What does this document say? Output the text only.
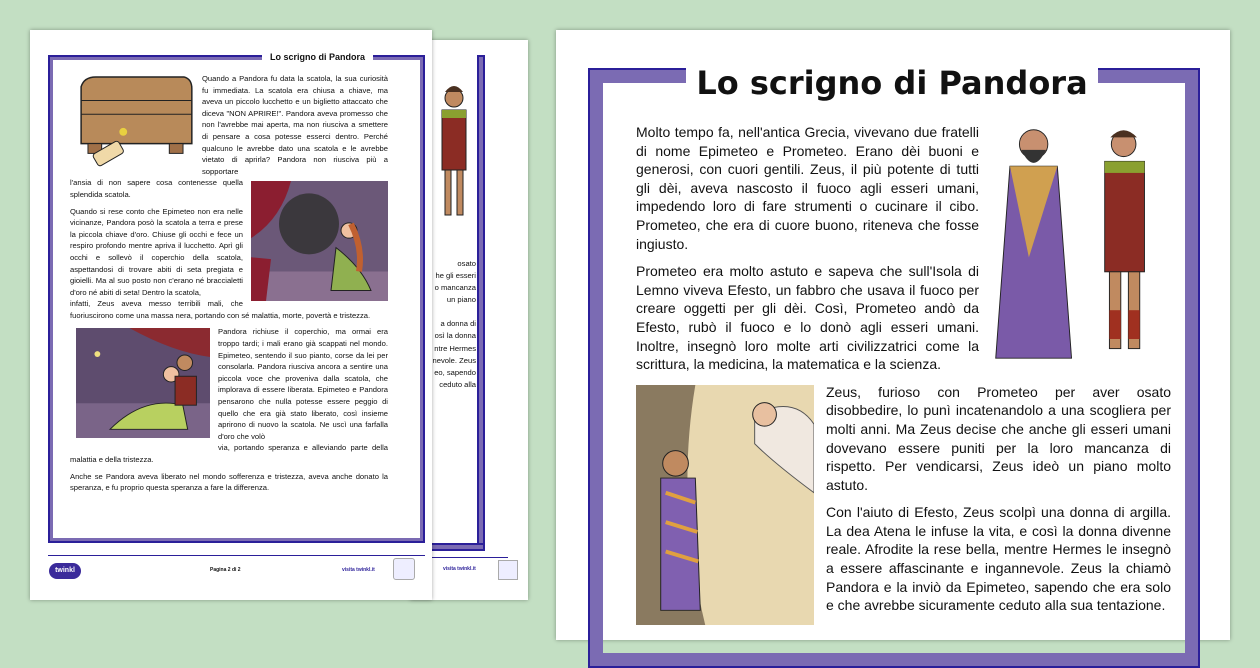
osato
he gli esseri
o mancanza
un piano
a donna di
osì la donna
ntre Hermes
nevole. Zeus
eo, sapendo
ceduto alla
visita twinkl.it
Lo scrigno di Pandora

Quando a Pandora fu data la scatola, la sua curiosità fu immediata. La scatola era chiusa a chiave, ma aveva un piccolo lucchetto e un biglietto attaccato che diceva "NON APRIRE!". Pandora aveva promesso che non l'avrebbe mai aperta, ma non riusciva a smettere di pensare a cosa potesse esserci dentro. Perché qualcuno le avrebbe dato una scatola e le avrebbe vietato di aprirla? Pandora non riusciva più a sopportare

l'ansia di non sapere cosa contenesse quella splendida scatola.

Quando si rese conto che Epimeteo non era nelle vicinanze, Pandora posò la scatola a terra e prese la piccola chiave d'oro. Chiuse gli occhi e fece un respiro profondo mentre apriva il lucchetto. Aprì gli occhi e sollevò il coperchio della scatola, aspettandosi di trovare abiti di seta pregiata e gioielli. Ma al suo posto non c'erano né braccialetti d'oro né abiti di seta! Dentro la scatola,

infatti, Zeus aveva messo terribili mali, che fuoriuscirono come una massa nera, portando con sé malattia, morte, povertà e tristezza.

Pandora richiuse il coperchio, ma ormai era troppo tardi; i mali erano già scappati nel mondo. Epimeteo, sentendo il suo pianto, corse da lei per consolarla. Pandora riusciva ancora a sentire una piccola voce che proveniva dalla scatola, che implorava di essere liberata. Epimeteo e Pandora pensarono che nulla potesse essere peggio di quello che era già stato liberato, così insieme aprirono di nuovo la scatola. Ne uscì una farfalla d'oro che volò

via, portando speranza e alleviando parte della malattia e della tristezza.

Anche se Pandora aveva liberato nel mondo sofferenza e tristezza, aveva anche donato la speranza, e fu proprio questa speranza a fare la differenza.

twinkl	Pagina 2 di 2	visita twinkl.it
Lo scrigno di Pandora

Molto tempo fa, nell'antica Grecia, vivevano due fratelli di nome Epimeteo e Prometeo. Erano dèi buoni e generosi, con cuori gentili. Zeus, il più potente di tutti gli dèi, aveva nascosto il fuoco agli esseri umani, impedendo loro di fare strumenti o cucinare il cibo. Prometeo, che era di cuore buono, riteneva che fosse ingiusto.

Prometeo era molto astuto e sapeva che sull'Isola di Lemno viveva Efesto, un fabbro che usava il fuoco per creare oggetti per gli dèi. Così, Prometeo andò da Efesto, rubò il fuoco e lo donò agli esseri umani. Inoltre, insegnò loro molte arti civilizzatrici come la scrittura, la medicina, la matematica e la scienza.

Zeus, furioso con Prometeo per aver osato disobbedire, lo punì incatenandolo a una scogliera per molti anni. Ma Zeus decise che anche gli esseri umani dovevano essere puniti per la loro mancanza di rispetto. Per vendicarsi, Zeus ideò un piano molto astuto.

Con l'aiuto di Efesto, Zeus scolpì una donna di argilla. La dea Atena le infuse la vita, e così la donna divenne reale. Afrodite la rese bella, mentre Hermes le insegnò a essere affascinante e ingannevole. Zeus la chiamò Pandora e la inviò da Epimeteo, sapendo che era solo e che avrebbe sicuramente ceduto alla sua tentazione.
